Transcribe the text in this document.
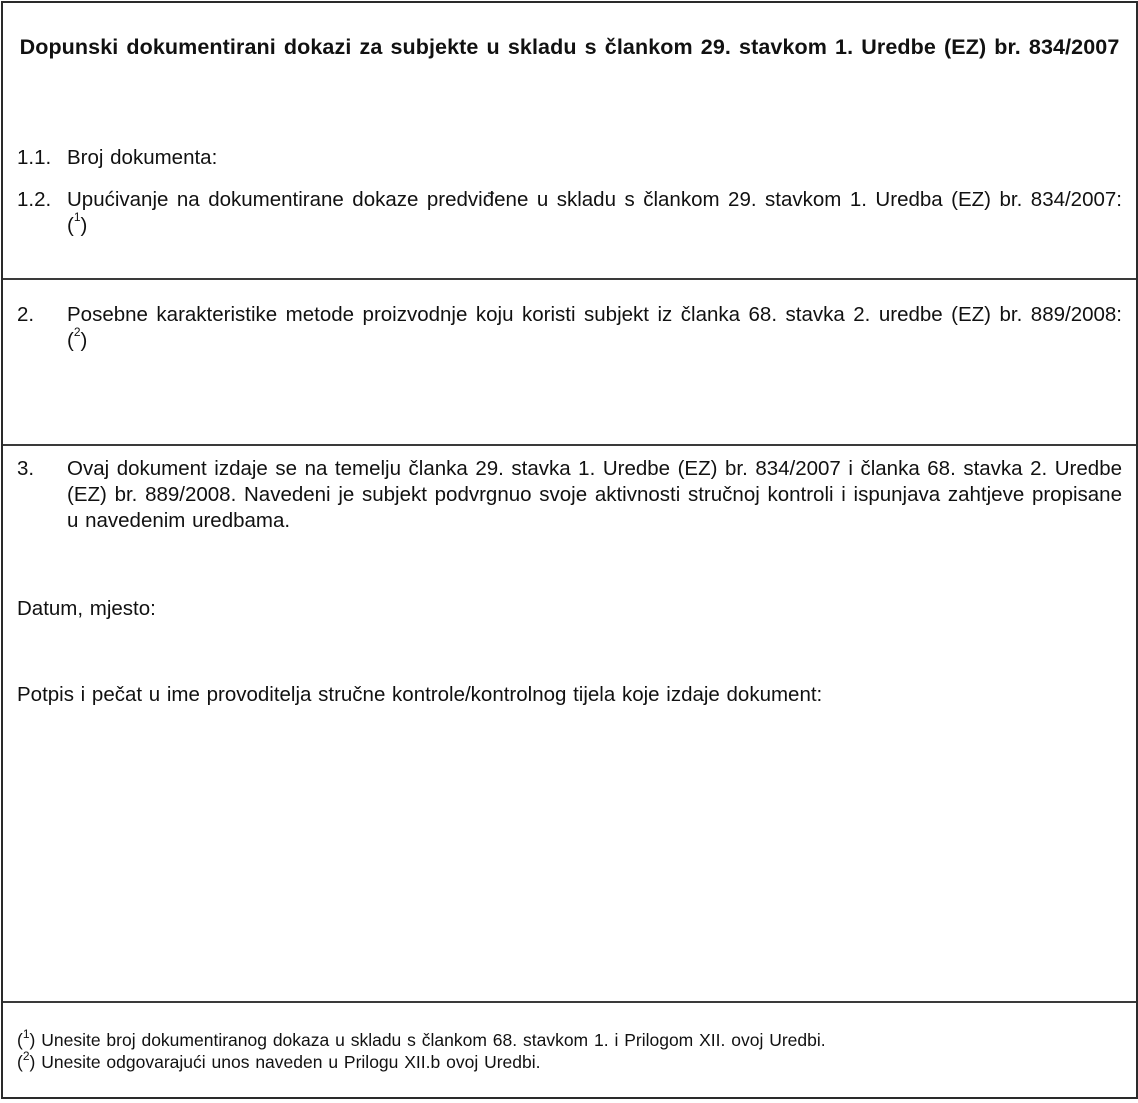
Dopunski dokumentirani dokazi za subjekte u skladu s člankom 29. stavkom 1. Uredbe (EZ) br. 834/2007
1.1. Broj dokumenta:
1.2. Upućivanje na dokumentirane dokaze predviđene u skladu s člankom 29. stavkom 1. Uredba (EZ) br. 834/2007: ($^1$)
2.	Posebne karakteristike metode proizvodnje koju koristi subjekt iz članka 68. stavka 2. uredbe (EZ) br. 889/2008: ($^2$)
3.	Ovaj dokument izdaje se na temelju članka 29. stavka 1. Uredbe (EZ) br. 834/2007 i članka 68. stavka 2. Uredbe (EZ) br. 889/2008. Navedeni je subjekt podvrgnuo svoje aktivnosti stručnoj kontroli i ispunjava zahtjeve propisane u navedenim uredbama.
Datum, mjesto:
Potpis i pečat u ime provoditelja stručne kontrole/kontrolnog tijela koje izdaje dokument:
($^1$) Unesite broj dokumentiranog dokaza u skladu s člankom 68. stavkom 1. i Prilogom XII. ovoj Uredbi.
($^2$) Unesite odgovarajući unos naveden u Prilogu XII.b ovoj Uredbi.
